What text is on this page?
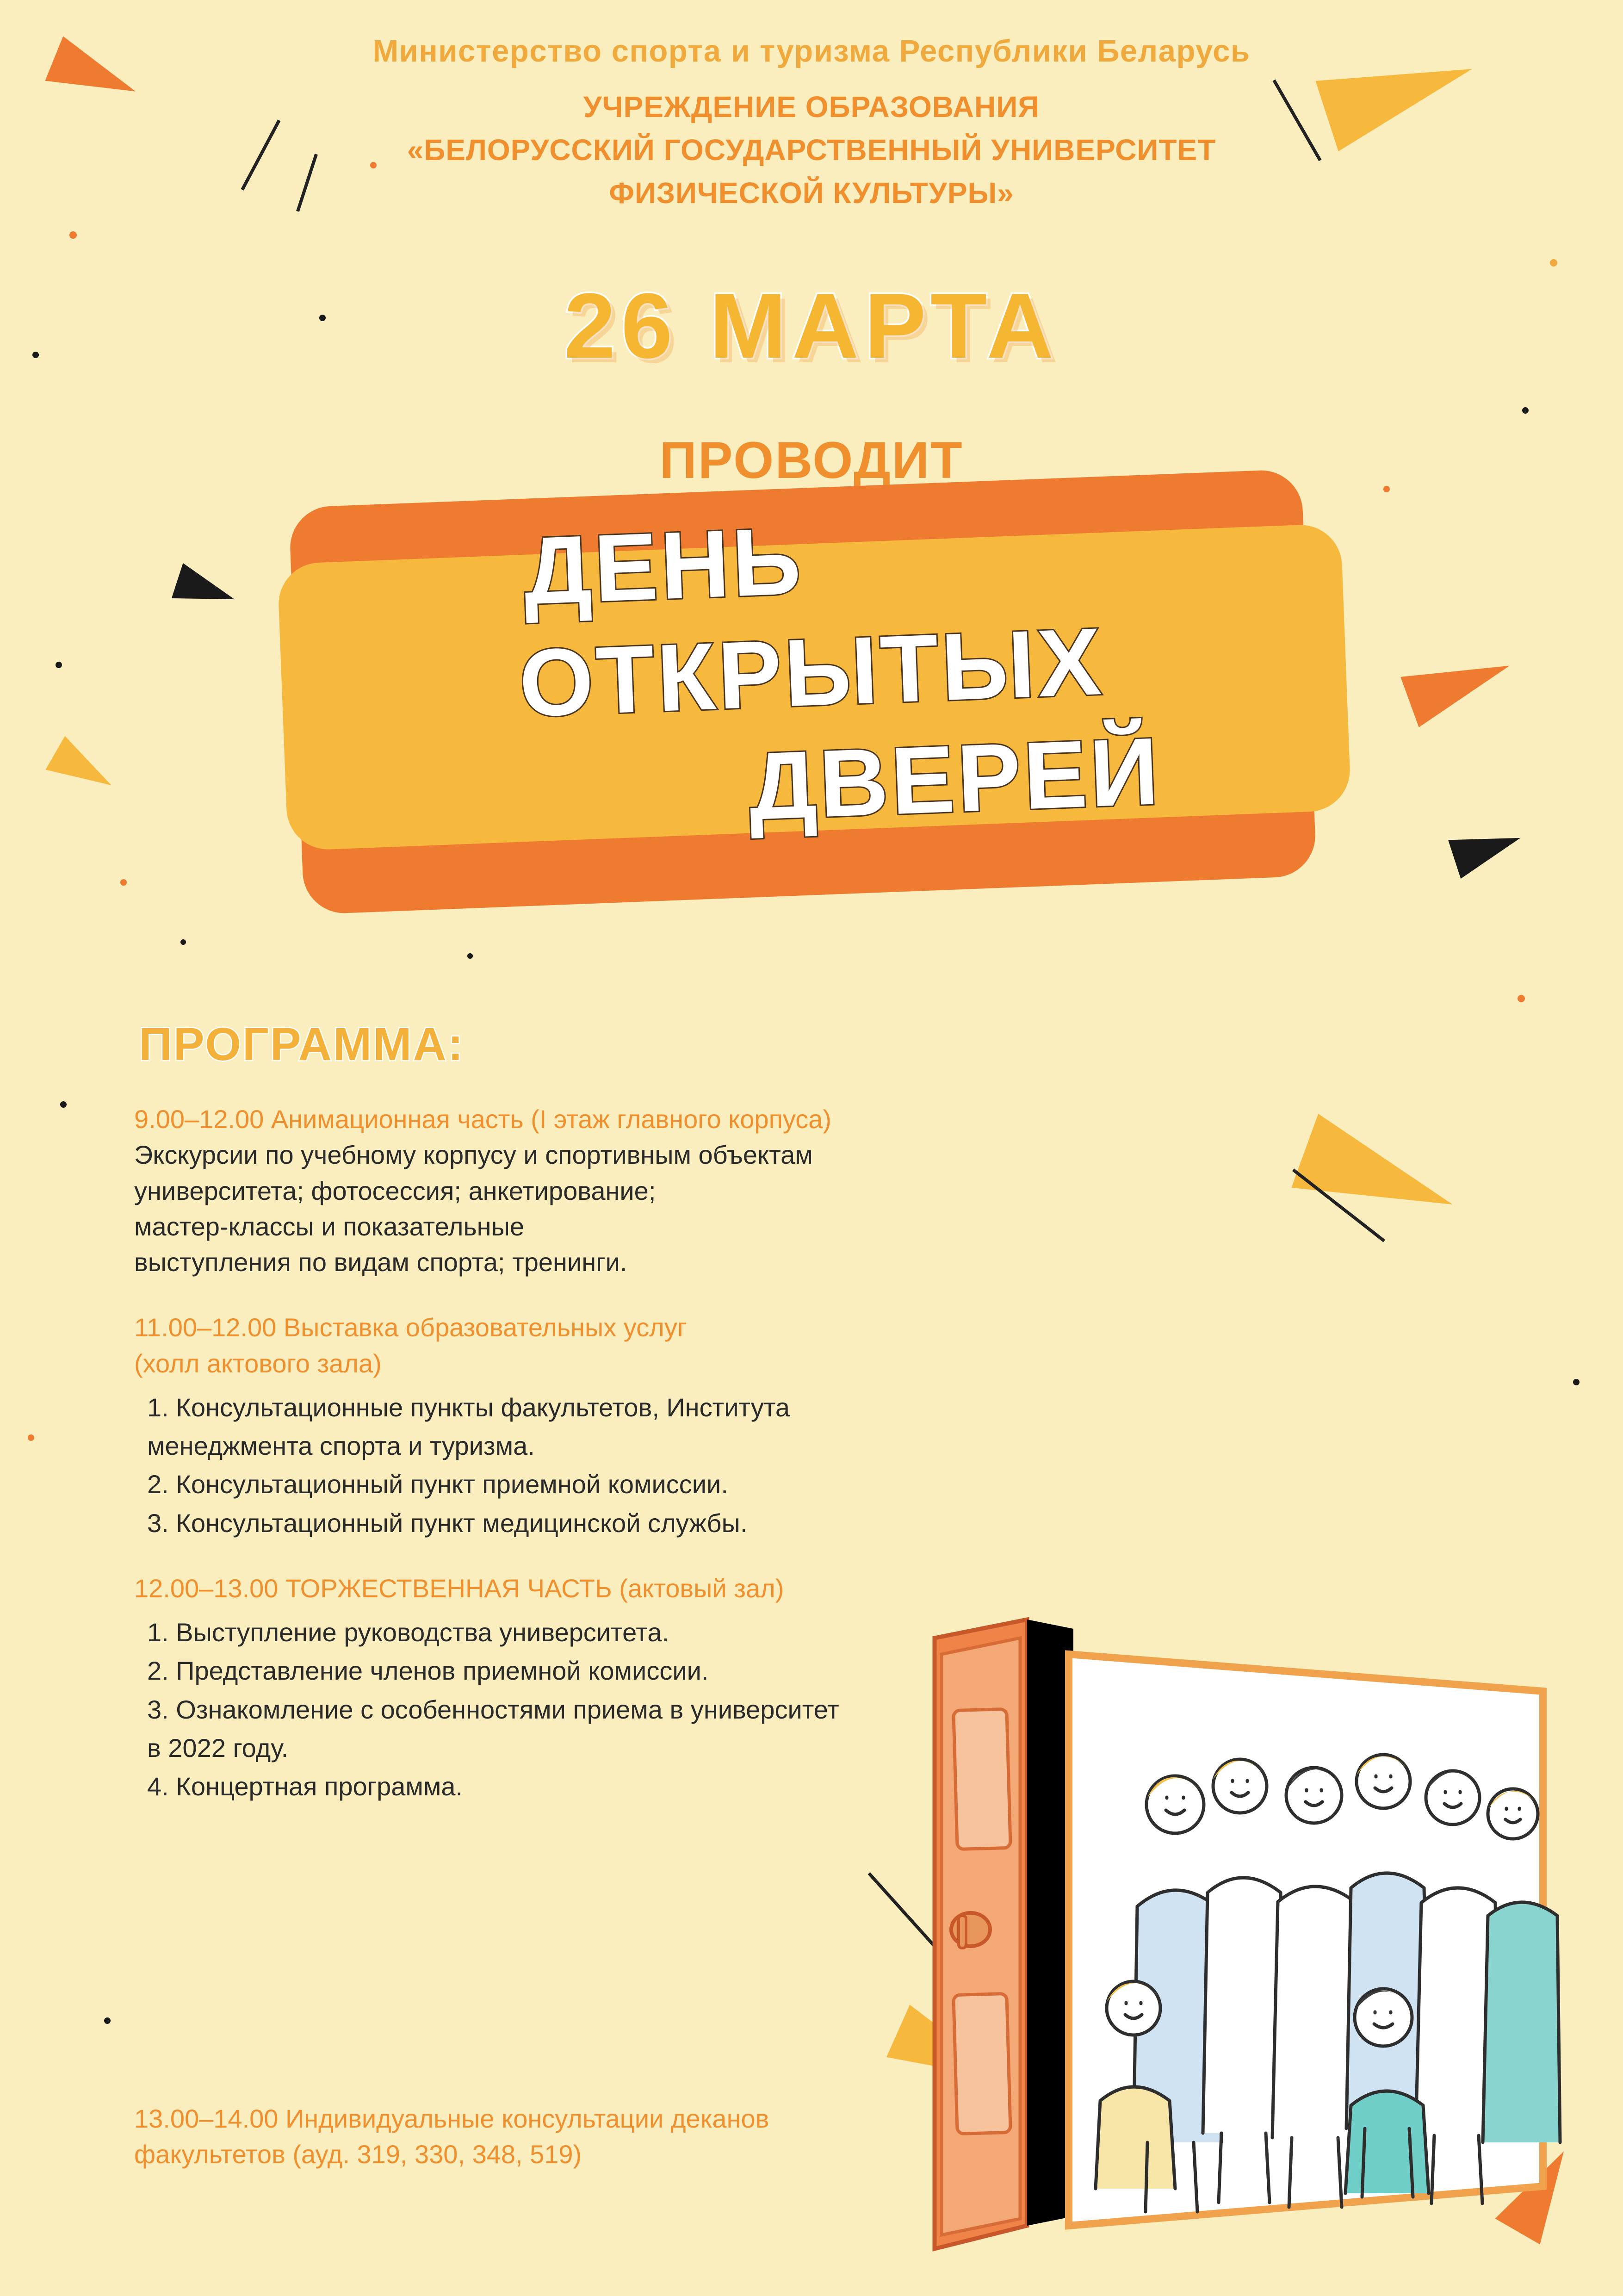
Министерство спорта и туризма Республики Беларусь
УЧРЕЖДЕНИЕ ОБРАЗОВАНИЯ
«БЕЛОРУССКИЙ ГОСУДАРСТВЕННЫЙ УНИВЕРСИТЕТ
ФИЗИЧЕСКОЙ КУЛЬТУРЫ»
26 МАРТА
ПРОВОДИТ
ДЕНЬ
ОТКРЫТЫХ
ДВЕРЕЙ
ПРОГРАММА:
9.00–12.00 Анимационная часть (I этаж главного корпуса)
Экскурсии по учебному корпусу и спортивным объектам
университета; фотосессия; анкетирование;
мастер-классы и показательные
выступления по видам спорта; тренинги.
11.00–12.00 Выставка образовательных услуг
(холл актового зала)
1. Консультационные пункты факультетов, Института
менеджмента спорта и туризма.
2. Консультационный пункт приемной комиссии.
3. Консультационный пункт медицинской службы.
12.00–13.00 ТОРЖЕСТВЕННАЯ ЧАСТЬ (актовый зал)
1. Выступление руководства университета.
2. Представление членов приемной комиссии.
3. Ознакомление с особенностями приема в университет
в 2022 году.
4. Концертная программа.
13.00–14.00 Индивидуальные консультации деканов
факультетов (ауд. 319, 330, 348, 519)
